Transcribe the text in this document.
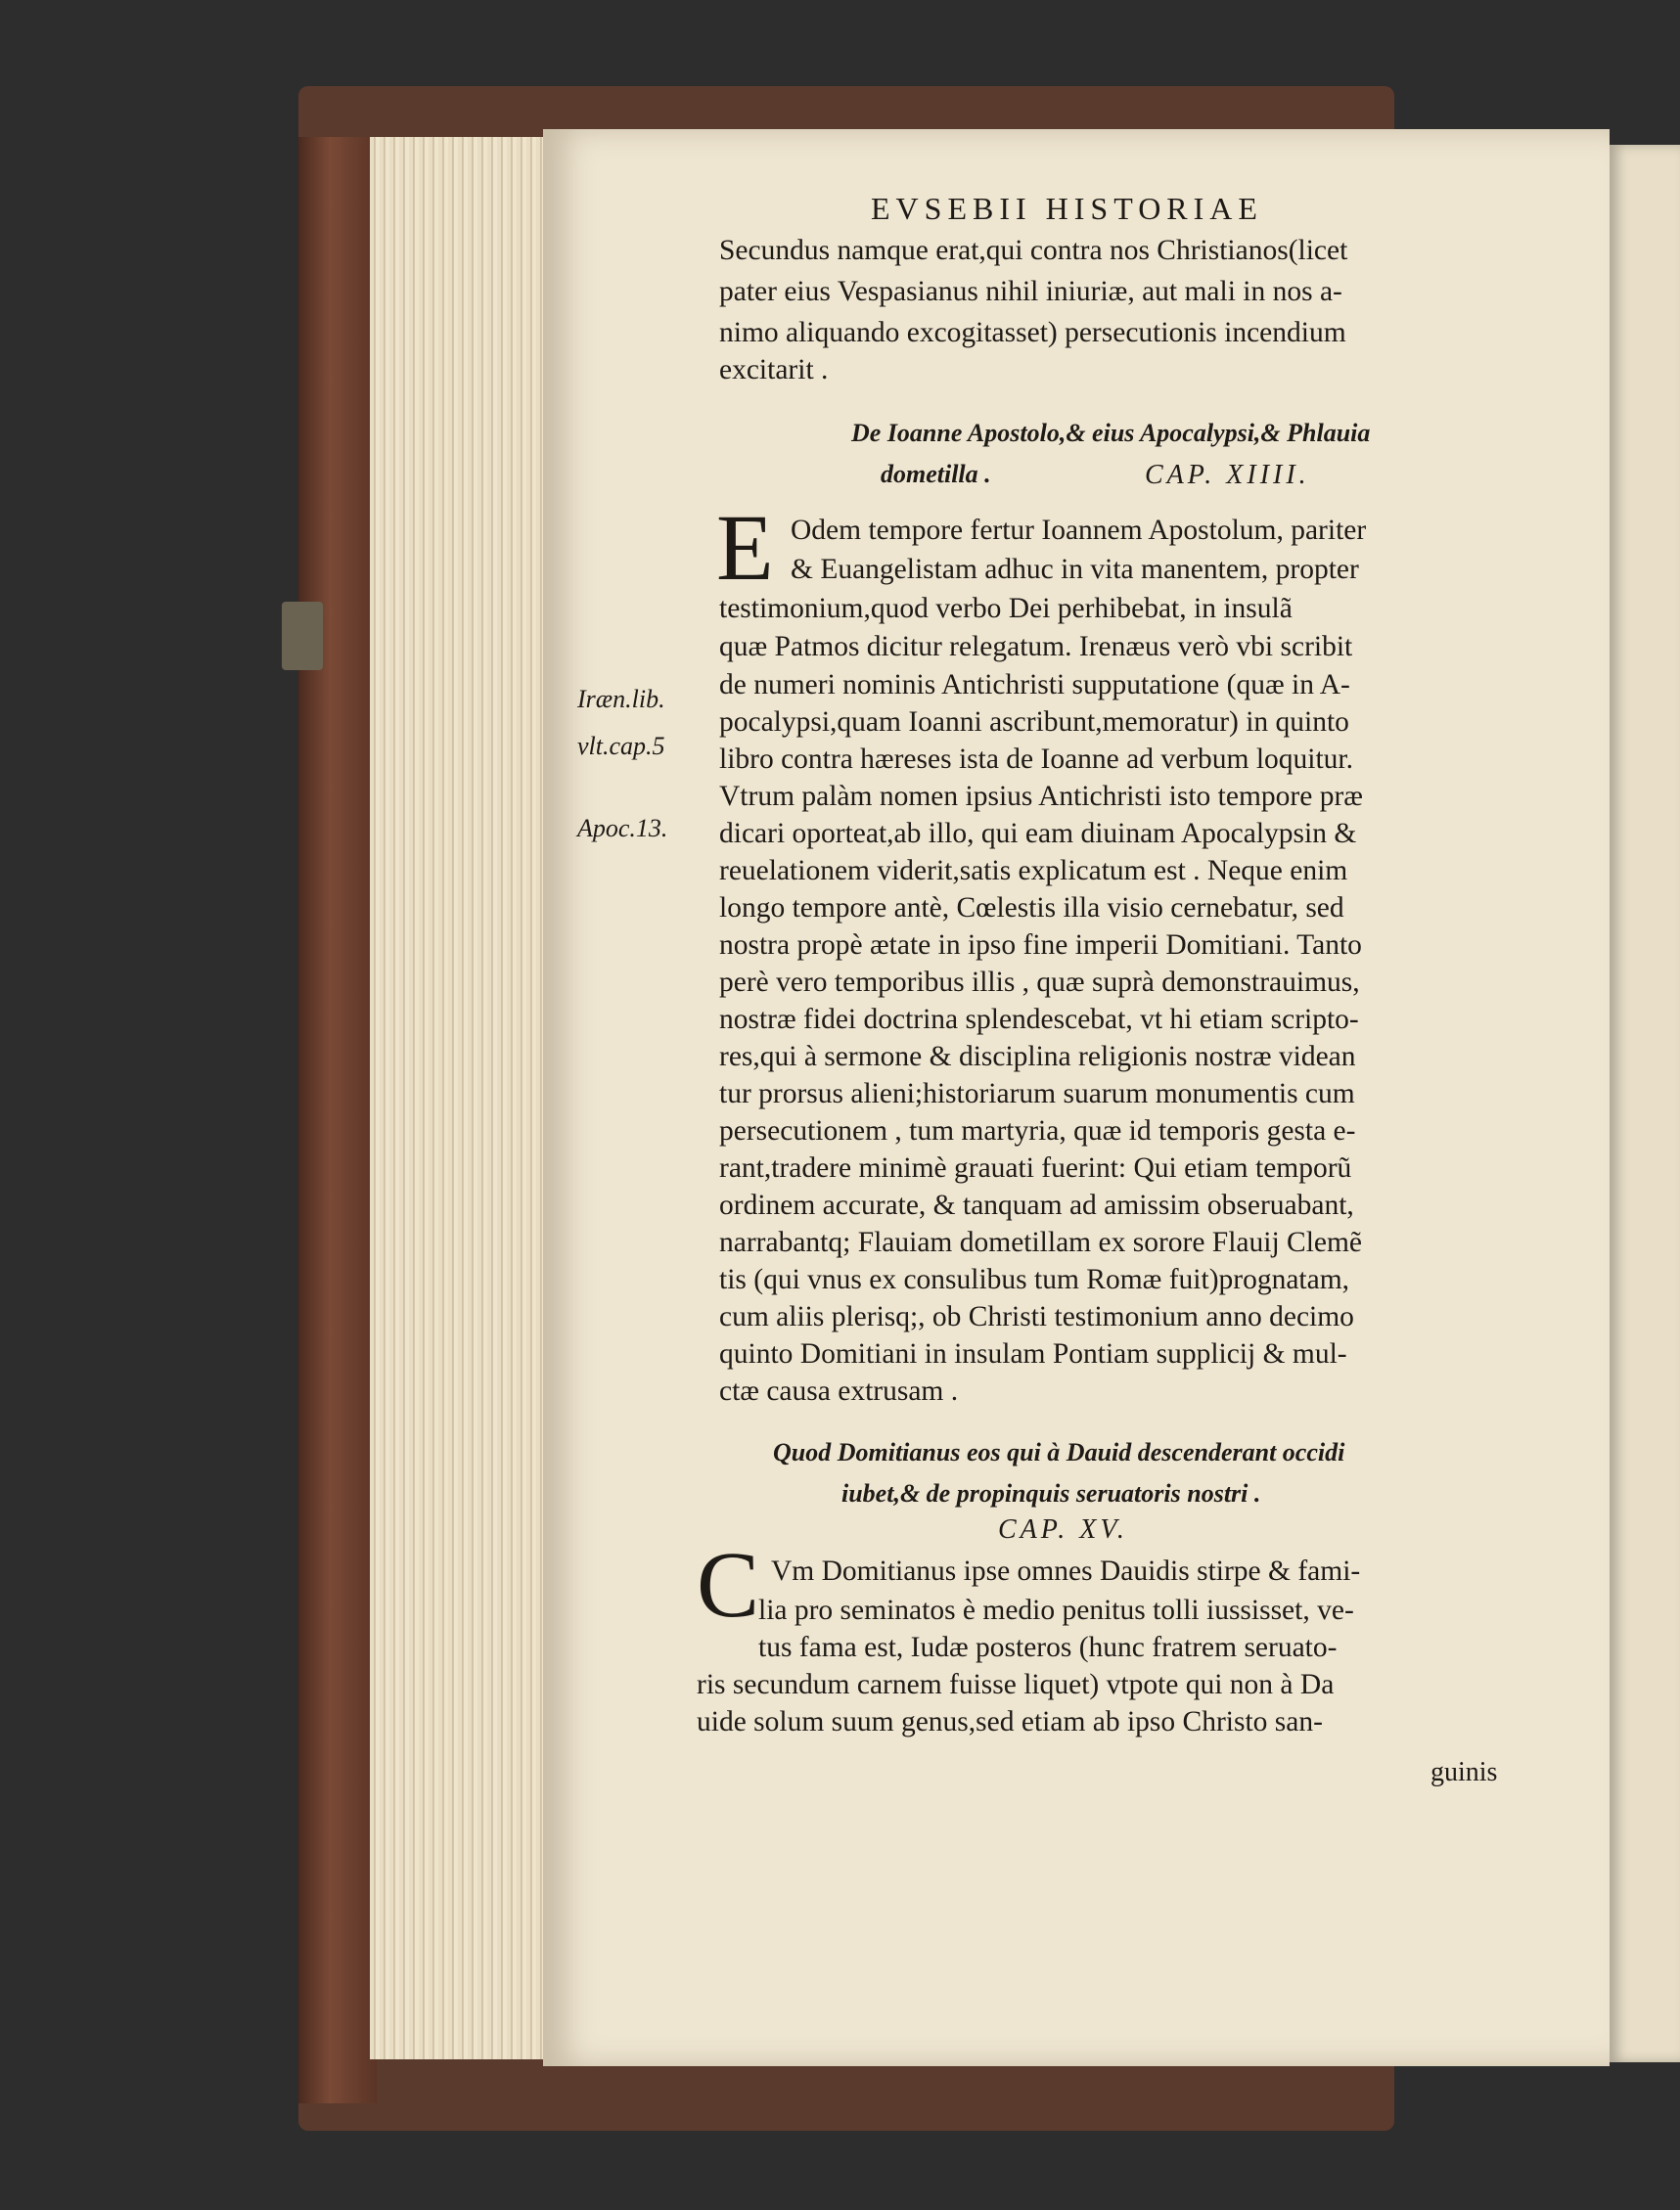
EVSEBII HISTORIAE
Secundus namque erat,qui contra nos Christianos(licet
pater eius Vespasianus nihil iniuriæ, aut mali in nos a-
nimo aliquando excogitasset) persecutionis incendium
excitarit .
De Ioanne Apostolo,& eius Apocalypsi,& Phlauia
dometilla .	CAP. XIIII.
E Odem tempore fertur Ioannem Apostolum, pariter
& Euangelistam adhuc in vita manentem, propter
testimonium,quod verbo Dei perhibebat, in insulã
quæ Patmos dicitur relegatum. Irenæus verò vbi scribit
de numeri nominis Antichristi supputatione (quæ in A-
pocalypsi,quam Ioanni ascribunt,memoratur) in quinto
libro contra hæreses ista de Ioanne ad verbum loquitur.
Vtrum palàm nomen ipsius Antichristi isto tempore præ
dicari oporteat,ab illo, qui eam diuinam Apocalypsin &
reuelationem viderit,satis explicatum est . Neque enim
longo tempore antè, Cœlestis illa visio cernebatur, sed
nostra propè ætate in ipso fine imperii Domitiani. Tanto
perè vero temporibus illis , quæ suprà demonstrauimus,
nostræ fidei doctrina splendescebat, vt hi etiam scripto-
res,qui à sermone & disciplina religionis nostræ videan
tur prorsus alieni;historiarum suarum monumentis cum
persecutionem , tum martyria, quæ id temporis gesta e-
rant,tradere minimè grauati fuerint: Qui etiam temporũ
ordinem accurate, & tanquam ad amissim obseruabant,
narrabantq; Flauiam dometillam ex sorore Flauij Clemẽ
tis (qui vnus ex consulibus tum Romæ fuit)prognatam,
cum aliis plerisq;, ob Christi testimonium anno decimo
quinto Domitiani in insulam Pontiam supplicij & mul-
ctæ causa extrusam .
Iræn.lib.
vlt.cap.5
Apoc.13.
Quod Domitianus eos qui à Dauid descenderant occidi
iubet,& de propinquis seruatoris nostri .
CAP. XV.
C Vm Domitianus ipse omnes Dauidis stirpe & fami-
lia pro seminatos è medio penitus tolli iussisset, ve-
tus fama est, Iudæ posteros (hunc fratrem seruato-
ris secundum carnem fuisse liquet) vtpote qui non à Da
uide solum suum genus,sed etiam ab ipso Christo san-
guinis
